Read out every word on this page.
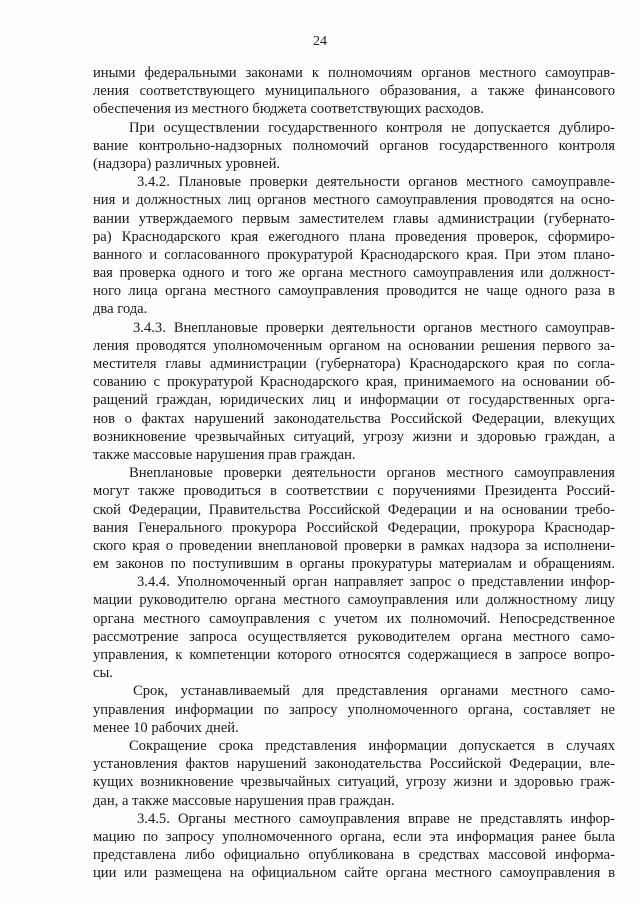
24
иными федеральными законами к полномочиям органов местного самоуправ-
ления соответствующего муниципального образования, а также финансового
обеспечения из местного бюджета соответствующих расходов.
При осуществлении государственного контроля не допускается дублиро-
вание контрольно-надзорных полномочий органов государственного контроля
(надзора) различных уровней.
3.4.2. Плановые проверки деятельности органов местного самоуправле-
ния и должностных лиц органов местного самоуправления проводятся на осно-
вании утверждаемого первым заместителем главы администрации (губернато-
ра) Краснодарского края ежегодного плана проведения проверок, сформиро-
ванного и согласованного прокуратурой Краснодарского края. При этом плано-
вая проверка одного и того же органа местного самоуправления или должност-
ного лица органа местного самоуправления проводится не чаще одного раза в
два года.
3.4.3. Внеплановые проверки деятельности органов местного самоуправ-
ления проводятся уполномоченным органом на основании решения первого за-
местителя главы администрации (губернатора) Краснодарского края по согла-
сованию с прокуратурой Краснодарского края, принимаемого на основании об-
ращений граждан, юридических лиц и информации от государственных орга-
нов о фактах нарушений законодательства Российской Федерации, влекущих
возникновение чрезвычайных ситуаций, угрозу жизни и здоровью граждан, а
также массовые нарушения прав граждан.
Внеплановые проверки деятельности органов местного самоуправления
могут также проводиться в соответствии с поручениями Президента Россий-
ской Федерации, Правительства Российской Федерации и на основании требо-
вания Генерального прокурора Российской Федерации, прокурора Краснодар-
ского края о проведении внеплановой проверки в рамках надзора за исполнени-
ем законов по поступившим в органы прокуратуры материалам и обращениям.
3.4.4. Уполномоченный орган направляет запрос о представлении инфор-
мации руководителю органа местного самоуправления или должностному лицу
органа местного самоуправления с учетом их полномочий. Непосредственное
рассмотрение запроса осуществляется руководителем органа местного само-
управления, к компетенции которого относятся содержащиеся в запросе вопро-
сы.
Срок, устанавливаемый для представления органами местного само-
управления информации по запросу уполномоченного органа, составляет не
менее 10 рабочих дней.
Сокращение срока представления информации допускается в случаях
установления фактов нарушений законодательства Российской Федерации, вле-
кущих возникновение чрезвычайных ситуаций, угрозу жизни и здоровью граж-
дан, а также массовые нарушения прав граждан.
3.4.5. Органы местного самоуправления вправе не представлять инфор-
мацию по запросу уполномоченного органа, если эта информация ранее была
представлена либо официально опубликована в средствах массовой информа-
ции или размещена на официальном сайте органа местного самоуправления в
